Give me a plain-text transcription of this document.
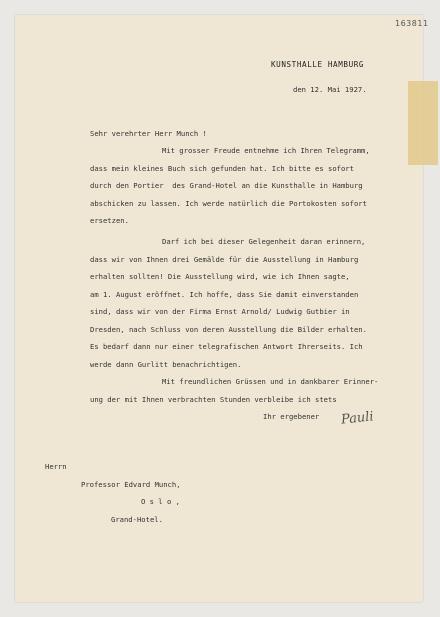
163811
KUNSTHALLE HAMBURG
den 12. Mai 1927.
Sehr verehrter Herr Munch !
Mit grosser Freude entnehme ich Ihren Telegramm,
dass mein kleines Buch sich gefunden hat. Ich bitte es sofort
durch den Portier  des Grand-Hotel an die Kunsthalle in Hamburg
abschicken zu lassen. Ich werde natürlich die Portokosten sofort
ersetzen.
Darf ich bei dieser Gelegenheit daran erinnern,
dass wir von Ihnen drei Gemälde für die Ausstellung in Hamburg
erhalten sollten! Die Ausstellung wird, wie ich Ihnen sagte,
am 1. August eröffnet. Ich hoffe, dass Sie damit einverstanden
sind, dass wir von der Firma Ernst Arnold/ Ludwig Gutbier in
Dresden, nach Schluss von deren Ausstellung die Bilder erhalten.
Es bedarf dann nur einer telegrafischen Antwort Ihrerseits. Ich
werde dann Gurlitt benachrichtigen.
Mit freundlichen Grüssen und in dankbarer Erinner-
ung der mit Ihnen verbrachten Stunden verbleibe ich stets
Ihr ergebener Pauli
Herrn
Professor Edvard Munch,
O s l o ,
Grand-Hotel.
